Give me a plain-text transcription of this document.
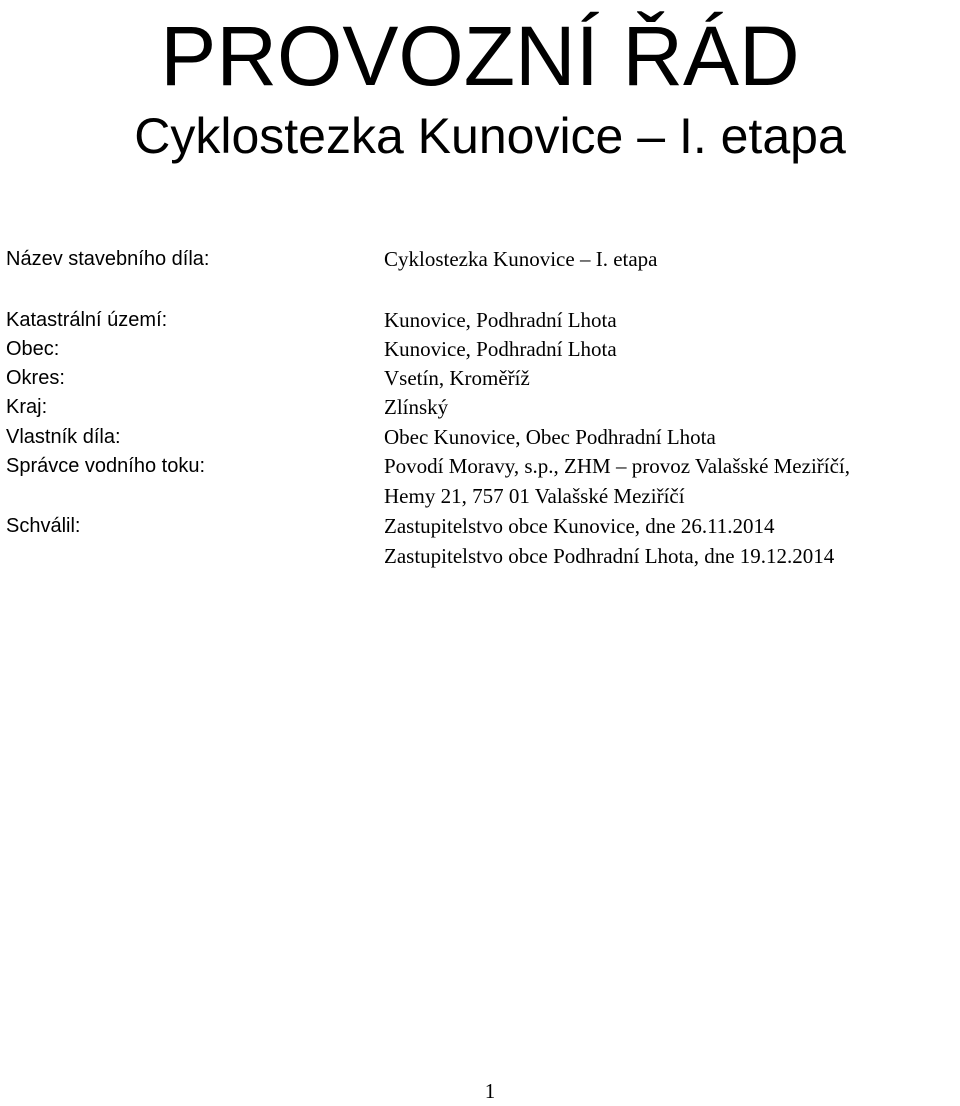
PROVOZNÍ ŘÁD
Cyklostezka Kunovice – I. etapa
Název stavebního díla:	Cyklostezka Kunovice – I. etapa
Katastrální území:	Kunovice, Podhradní Lhota
Obec:	Kunovice, Podhradní Lhota
Okres:	Vsetín, Kroměříž
Kraj:	Zlínský
Vlastník díla:	Obec Kunovice, Obec Podhradní Lhota
Správce vodního toku:	Povodí Moravy, s.p., ZHM – provoz Valašské Meziříčí,
Hemy 21, 757 01 Valašské Meziříčí
Schválil:	Zastupitelstvo obce Kunovice, dne 26.11.2014
Zastupitelstvo obce Podhradní Lhota, dne 19.12.2014
1
